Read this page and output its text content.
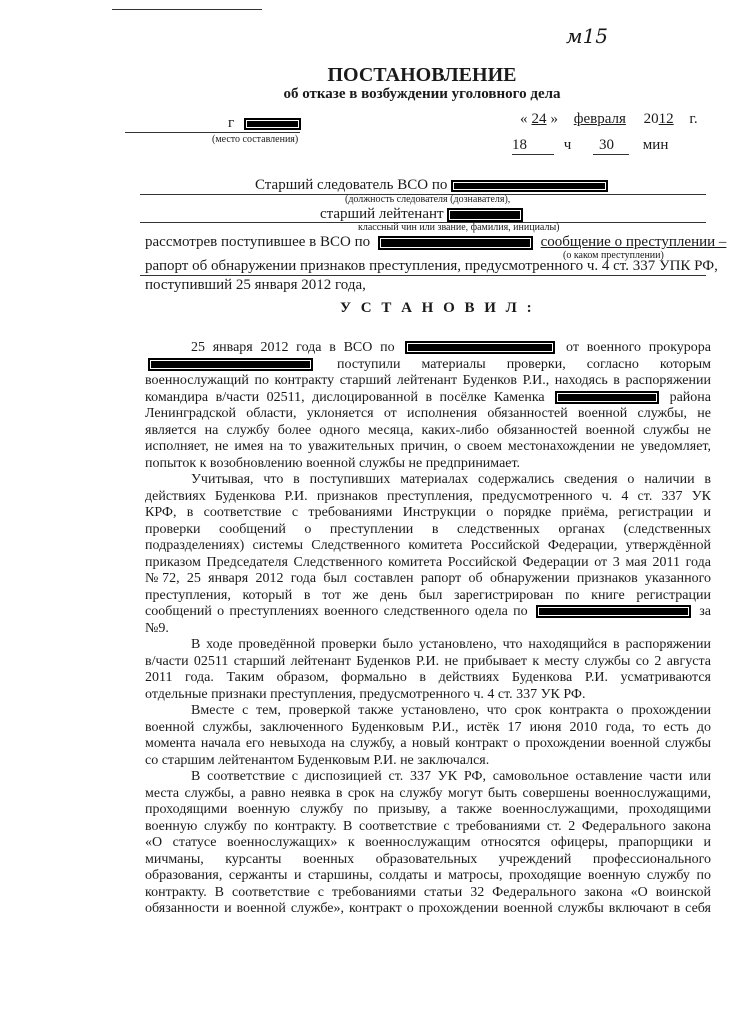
м15
ПОСТАНОВЛЕНИЕ
об отказе в возбуждении уголовного дела
г
(место составления)
« 24 » февраля 2012 г.
18 ч 30 мин
Старший следователь ВСО по
(должность следователя (дознавателя),
старший лейтенант
классный чин или звание, фамилия, инициалы)
рассмотрев поступившее в ВСО по	сообщение о преступлении –
(о каком преступлении)
рапорт об обнаружении признаков преступления, предусмотренного ч. 4 ст. 337 УПК РФ,
поступивший 25 января 2012 года,
У С Т А Н О В И Л :
25 января 2012 года в ВСО по	от военного прокурора
поступили материалы проверки, согласно которым
военнослужащий по контракту старший лейтенант Буденков Р.И., находясь в распоряжении
командира в/части 02511, дислоцированной в посёлке Каменка	района
Ленинградской области, уклоняется от исполнения обязанностей военной службы, не
является на службу более одного месяца, каких-либо обязанностей военной службы не
исполняет, не имея на то уважительных причин, о своем местонахождении не уведомляет,
попыток к возобновлению военной службы не предпринимает.
Учитывая, что в поступивших материалах содержались сведения о наличии в
действиях Буденкова Р.И. признаков преступления, предусмотренного ч. 4 ст. 337 УК
КРФ, в соответствие с требованиями Инструкции о порядке приёма, регистрации и
проверки сообщений о преступлении в следственных органах (следственных
подразделениях) системы Следственного комитета Российской Федерации, утверждённой
приказом Председателя Следственного комитета Российской Федерации от 3 мая 2011 года
№72, 25 января 2012 года был составлен рапорт об обнаружении признаков указанного
преступления, который в тот же день был зарегистрирован по книге регистрации
сообщений о преступлениях военного следственного одела по	за
№9.
В ходе проведённой проверки было установлено, что находящийся в распоряжении
в/части 02511 старший лейтенант Буденков Р.И. не прибывает к месту службы со 2 августа
2011 года. Таким образом, формально в действиях Буденкова Р.И. усматриваются
отдельные признаки преступления, предусмотренного ч. 4 ст. 337 УК РФ.
Вместе с тем, проверкой также установлено, что срок контракта о прохождении
военной службы, заключенного Буденковым Р.И., истёк 17 июня 2010 года, то есть до
момента начала его невыхода на службу, а новый контракт о прохождении военной службы
со старшим лейтенантом Буденковым Р.И. не заключался.
В соответствие с диспозицией ст. 337 УК РФ, самовольное оставление части или
места службы, а равно неявка в срок на службу могут быть совершены военнослужащими,
проходящими военную службу по призыву, а также военнослужащими, проходящими
военную службу по контракту. В соответствие с требованиями ст. 2 Федерального закона
«О статусе военнослужащих» к военнослужащим относятся офицеры, прапорщики и
мичманы, курсанты военных образовательных учреждений профессионального
образования, сержанты и старшины, солдаты и матросы, проходящие военную службу по
контракту. В соответствие с требованиями статьи 32 Федерального закона «О воинской
обязанности и военной службе», контракт о прохождении военной службы включают в себя
